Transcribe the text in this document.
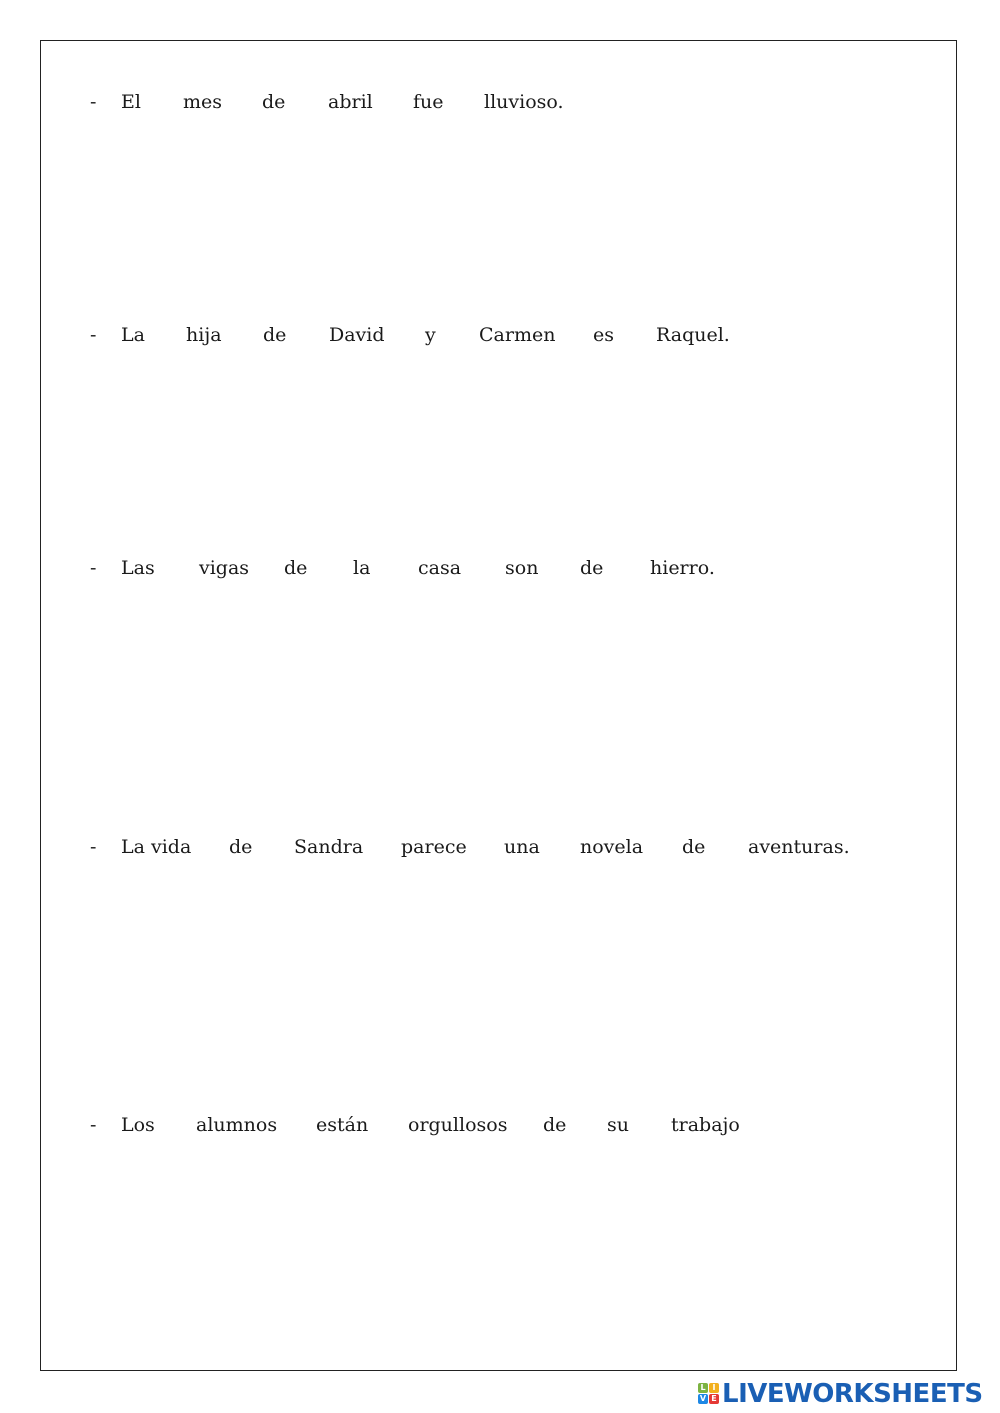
- El mes de abril fue lluvioso.
- La hija de David y Carmen es Raquel.
- Las vigas de la	casa son de hierro.
- La vida de Sandra parece una novela de aventuras.
- Los alumnos están orgullosos de su trabajo
L I
V E LIVEWORKSHEETS
